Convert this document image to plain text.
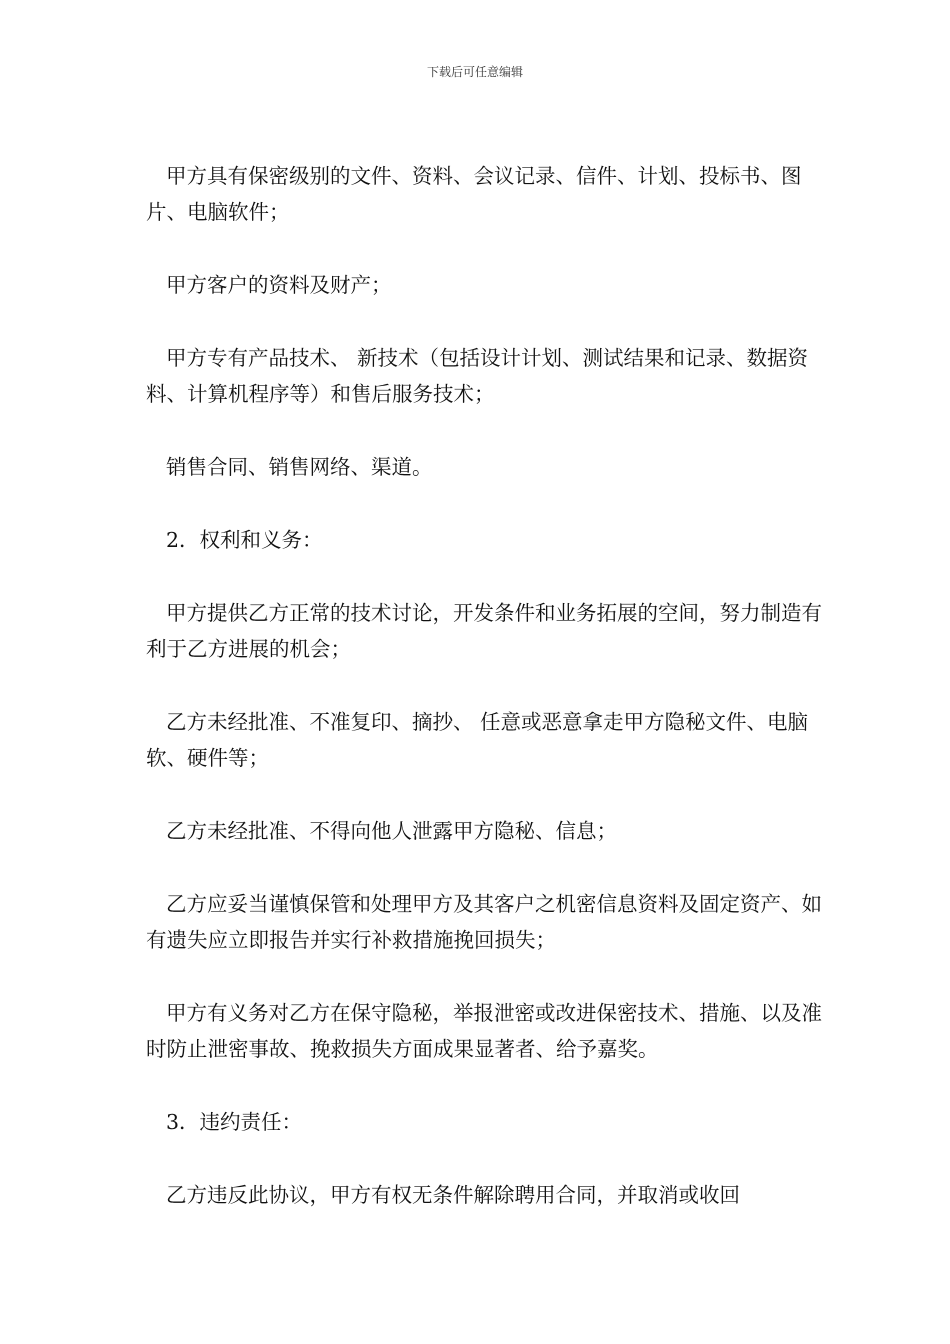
下载后可任意编辑

甲方具有保密级别的文件、资料、会议记录、信件、计划、投标书、图片、电脑软件；

甲方客户的资料及财产；

甲方专有产品技术、 新技术（包括设计计划、测试结果和记录、数据资料、计算机程序等）和售后服务技术；

销售合同、销售网络、渠道。

2．权利和义务：

甲方提供乙方正常的技术讨论，开发条件和业务拓展的空间，努力制造有利于乙方进展的机会；

乙方未经批准、不准复印、摘抄、 任意或恶意拿走甲方隐秘文件、电脑软、硬件等；

乙方未经批准、不得向他人泄露甲方隐秘、信息；

乙方应妥当谨慎保管和处理甲方及其客户之机密信息资料及固定资产、如有遗失应立即报告并实行补救措施挽回损失；

甲方有义务对乙方在保守隐秘，举报泄密或改进保密技术、措施、以及准时防止泄密事故、挽救损失方面成果显著者、给予嘉奖。

3．违约责任：

乙方违反此协议，甲方有权无条件解除聘用合同，并取消或收回
